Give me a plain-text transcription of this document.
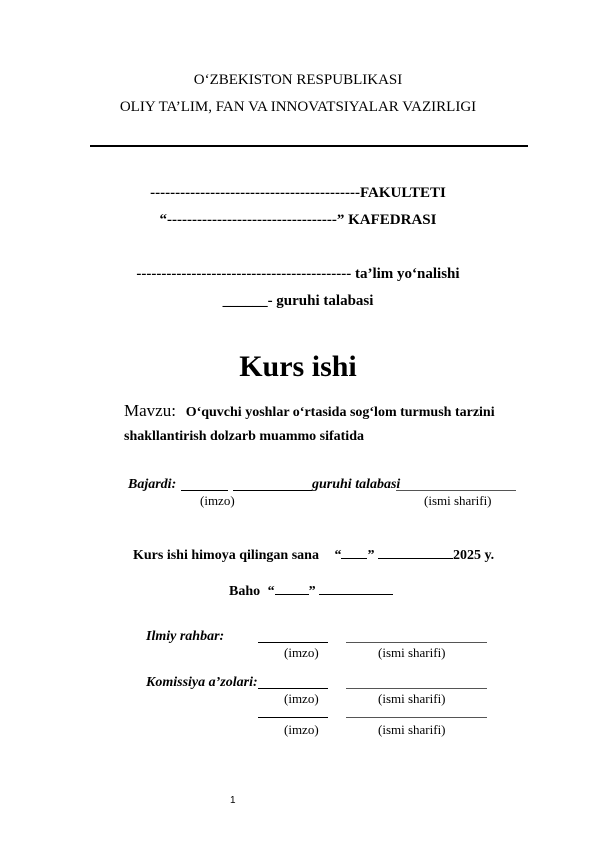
O‘ZBEKISTON RESPUBLIKASI
OLIY TA’LIM, FAN VA INNOVATSIYALAR VAZIRLIGI
------------------------------------------FAKULTETI
“----------------------------------” KAFEDRASI
------------------------------------------- ta’lim yo‘nalishi
______- guruhi talabasi
Kurs ishi
Mavzu: O‘quvchi yoshlar o‘rtasida sog‘lom turmush tarzini
shakllantirish dolzarb muammo sifatida
Bajardi:	guruhi talabasi
(imzo)	(ismi sharifi)
Kurs ishi himoya qilingan sana “ ”	2025 y.
Baho “ ”
Ilmiy rahbar:
(imzo)	(ismi sharifi)
Komissiya a’zolari:
(imzo)	(ismi sharifi)
(imzo)	(ismi sharifi)
1
